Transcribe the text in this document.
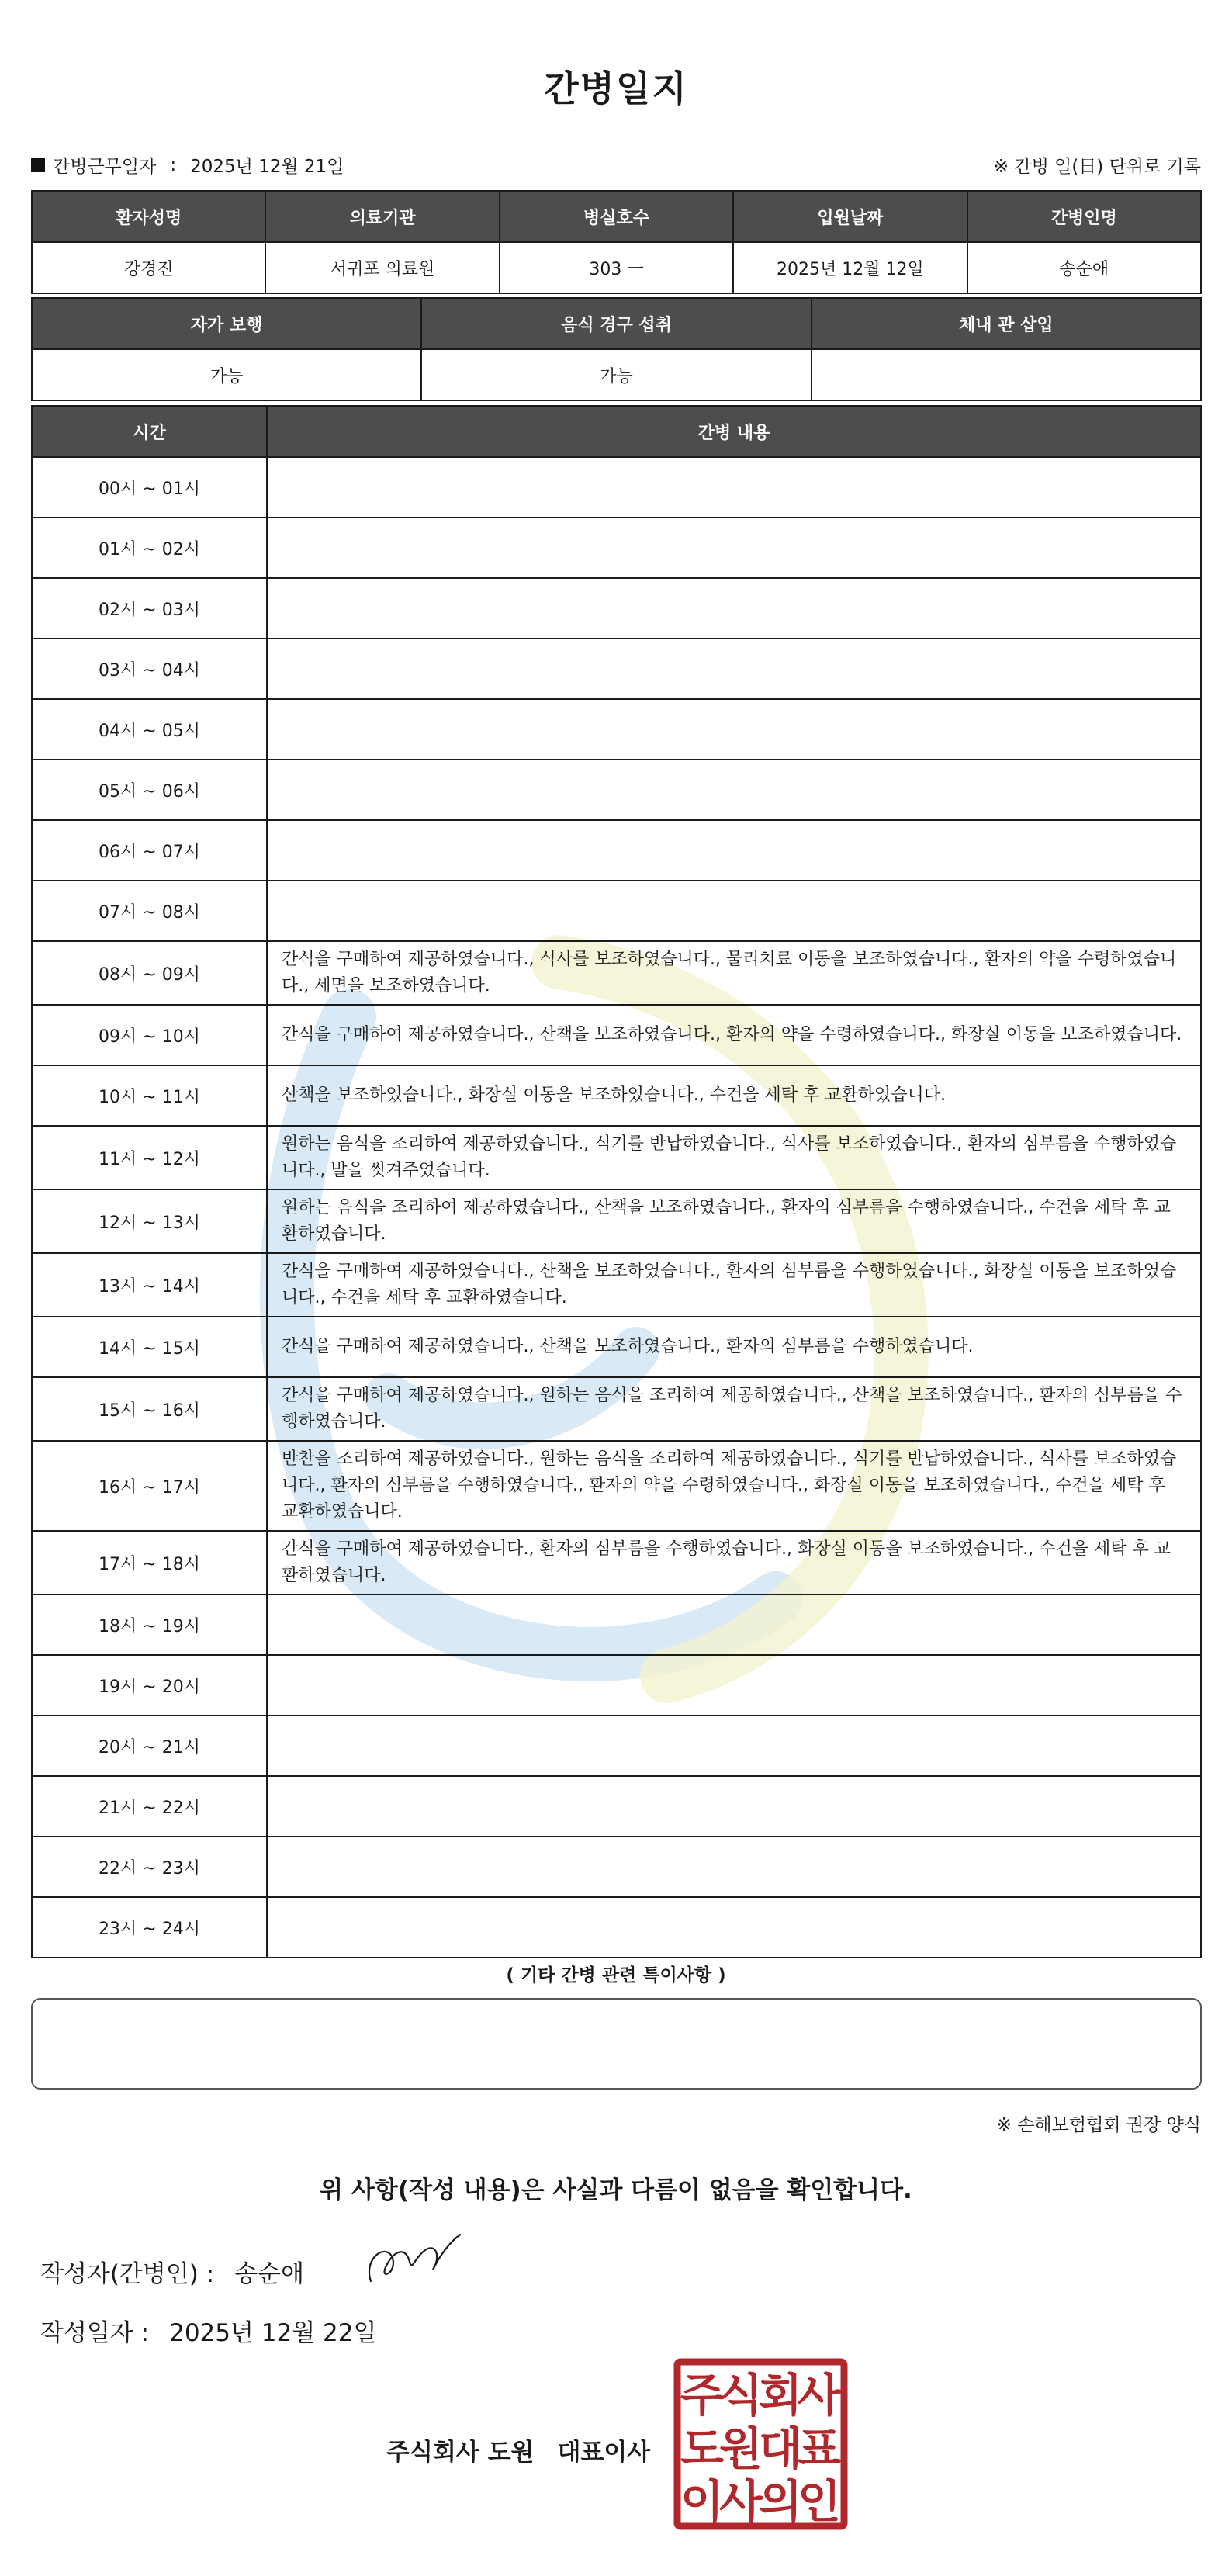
간병일지
간병근무일자 : 2025년 12월 21일	※ 간병 일(日) 단위로 기록
환자성명	의료기관	병실호수	입원날짜	간병인명
강경진	서귀포 의료원	303 ㅡ	2025년 12월 12일	송순애
자가 보행	음식 경구 섭취	체내 관 삽입
가능	가능	
시간	간병 내용
00시 ~ 01시	
01시 ~ 02시	
02시 ~ 03시	
03시 ~ 04시	
04시 ~ 05시	
05시 ~ 06시	
06시 ~ 07시	
07시 ~ 08시	
08시 ~ 09시	간식을 구매하여 제공하였습니다., 식사를 보조하였습니다., 물리치료 이동을 보조하였습니다., 환자의 약을 수령하였습니다., 세면을 보조하였습니다.
09시 ~ 10시	간식을 구매하여 제공하였습니다., 산책을 보조하였습니다., 환자의 약을 수령하였습니다., 화장실 이동을 보조하였습니다.
10시 ~ 11시	산책을 보조하였습니다., 화장실 이동을 보조하였습니다., 수건을 세탁 후 교환하였습니다.
11시 ~ 12시	원하는 음식을 조리하여 제공하였습니다., 식기를 반납하였습니다., 식사를 보조하였습니다., 환자의 심부름을 수행하였습니다., 발을 씻겨주었습니다.
12시 ~ 13시	원하는 음식을 조리하여 제공하였습니다., 산책을 보조하였습니다., 환자의 심부름을 수행하였습니다., 수건을 세탁 후 교환하였습니다.
13시 ~ 14시	간식을 구매하여 제공하였습니다., 산책을 보조하였습니다., 환자의 심부름을 수행하였습니다., 화장실 이동을 보조하였습니다., 수건을 세탁 후 교환하였습니다.
14시 ~ 15시	간식을 구매하여 제공하였습니다., 산책을 보조하였습니다., 환자의 심부름을 수행하였습니다.
15시 ~ 16시	간식을 구매하여 제공하였습니다., 원하는 음식을 조리하여 제공하였습니다., 산책을 보조하였습니다., 환자의 심부름을 수행하였습니다.
16시 ~ 17시	반찬을 조리하여 제공하였습니다., 원하는 음식을 조리하여 제공하였습니다., 식기를 반납하였습니다., 식사를 보조하였습니다., 환자의 심부름을 수행하였습니다., 환자의 약을 수령하였습니다., 화장실 이동을 보조하였습니다., 수건을 세탁 후 교환하였습니다.
17시 ~ 18시	간식을 구매하여 제공하였습니다., 환자의 심부름을 수행하였습니다., 화장실 이동을 보조하였습니다., 수건을 세탁 후 교환하였습니다.
18시 ~ 19시	
19시 ~ 20시	
20시 ~ 21시	
21시 ~ 22시	
22시 ~ 23시	
23시 ~ 24시	
( 기타 간병 관련 특이사항 )
※ 손해보험협회 권장 양식
위 사항(작성 내용)은 사실과 다름이 없음을 확인합니다.
작성자(간병인) : 송순애
작성일자 : 2025년 12월 22일
주식회사 도원 대표이사
주
식
회
사
도
원
대
표
이
사
의
인
